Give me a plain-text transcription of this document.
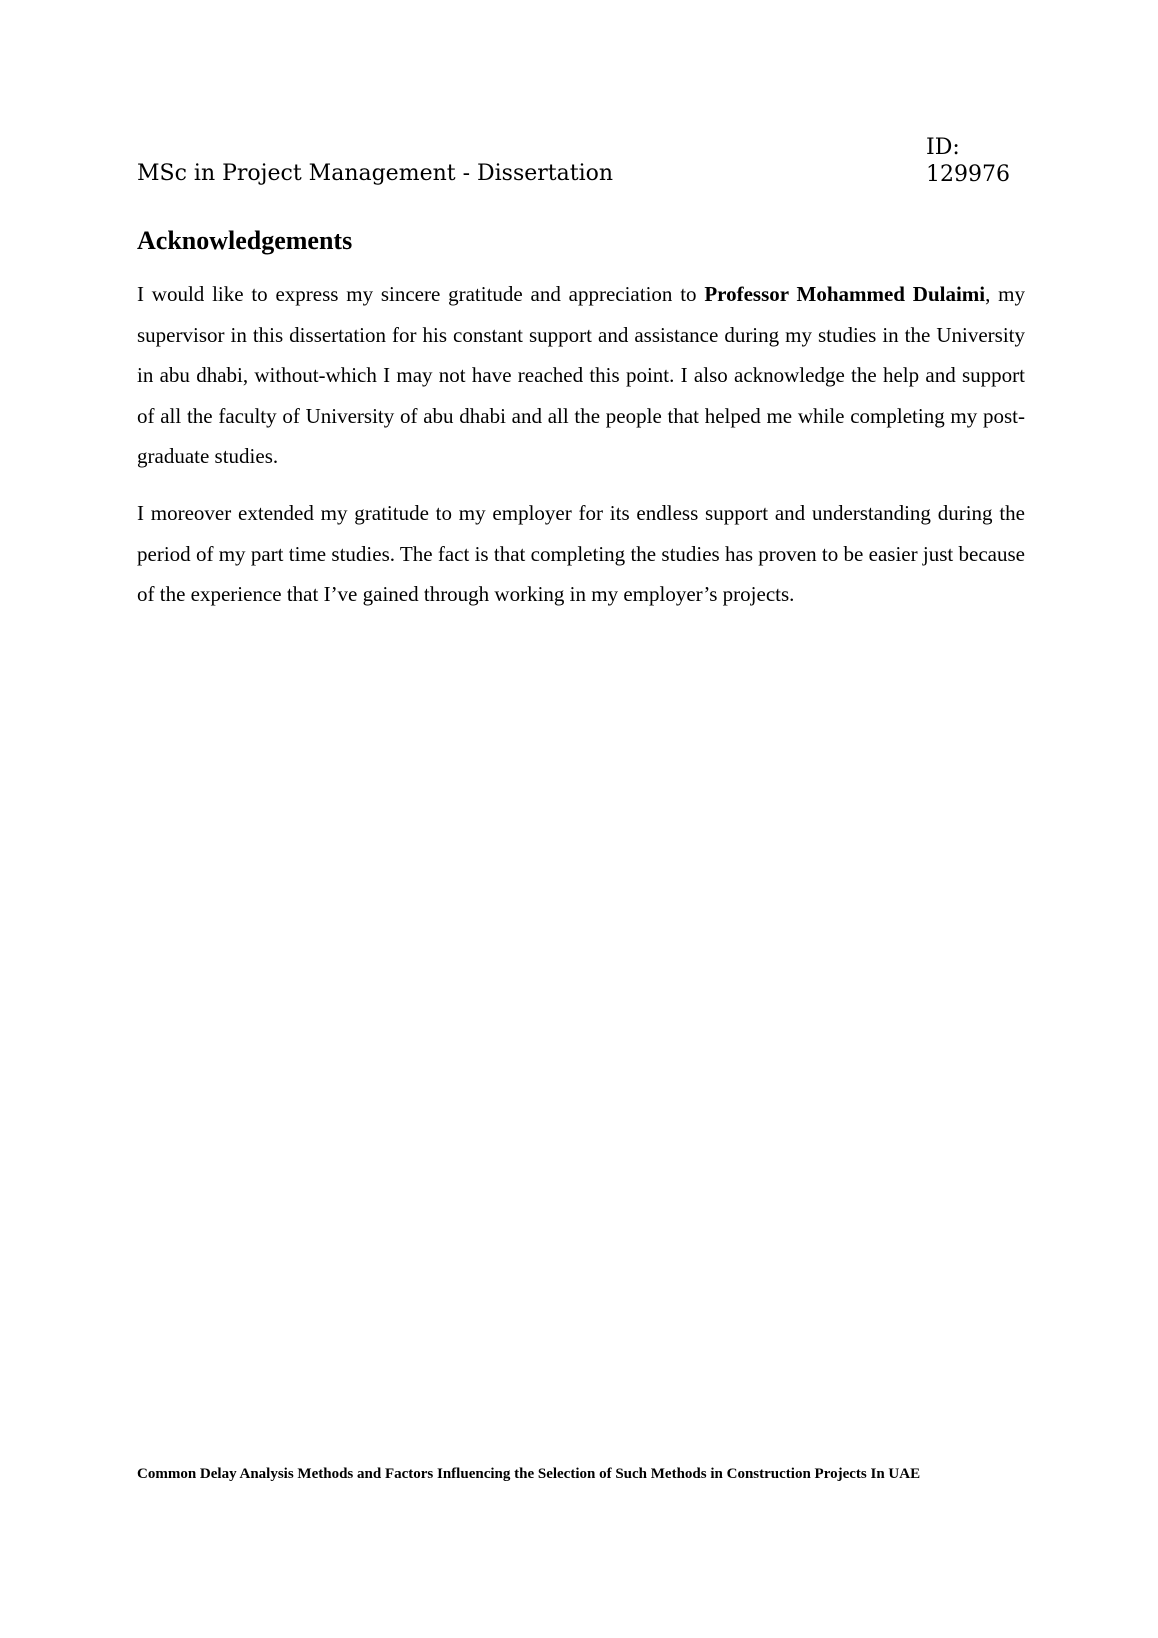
MSc in Project Management - Dissertation
ID:
129976
Acknowledgements

I would like to express my sincere gratitude and appreciation to Professor Mohammed Dulaimi, my supervisor in this dissertation for his constant support and assistance during my studies in the University in abu dhabi, without-which I may not have reached this point. I also acknowledge the help and support of all the faculty of University of abu dhabi and all the people that helped me while completing my post-graduate studies.

I moreover extended my gratitude to my employer for its endless support and understanding during the period of my part time studies. The fact is that completing the studies has proven to be easier just because of the experience that I’ve gained through working in my employer’s projects.

Common Delay Analysis Methods and Factors Influencing the Selection of Such Methods in Construction Projects In UAE
